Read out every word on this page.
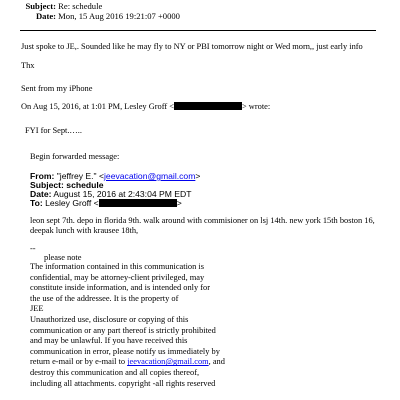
Subject: Re: schedule
Date: Mon, 15 Aug 2016 19:21:07 +0000
Just spoke to JE,. Sounded like he may fly to NY or PBI tomorrow night or Wed morn,, just early info
Thx
Sent from my iPhone
On Aug 15, 2016, at 1:01 PM, Lesley Groff <	> wrote:
FYI for Sept.…..
Begin forwarded message:
From: "jeffrey E." <jeevacation@gmail.com>
Subject: schedule
Date: August 15, 2016 at 2:43:04 PM EDT
To: Lesley Groff <	>
leon sept 7th. depo in florida 9th. walk around with commisioner on lsj 14th. new york 15th boston 16,
deepak lunch with krausee 18th,
--
please note
The information contained in this communication is
confidential, may be attorney-client privileged, may
constitute inside information, and is intended only for
the use of the addressee. It is the property of
JEE
Unauthorized use, disclosure or copying of this
communication or any part thereof is strictly prohibited
and may be unlawful. If you have received this
communication in error, please notify us immediately by
return e-mail or by e-mail to jeevacation@gmail.com, and
destroy this communication and all copies thereof,
including all attachments. copyright -all rights reserved
